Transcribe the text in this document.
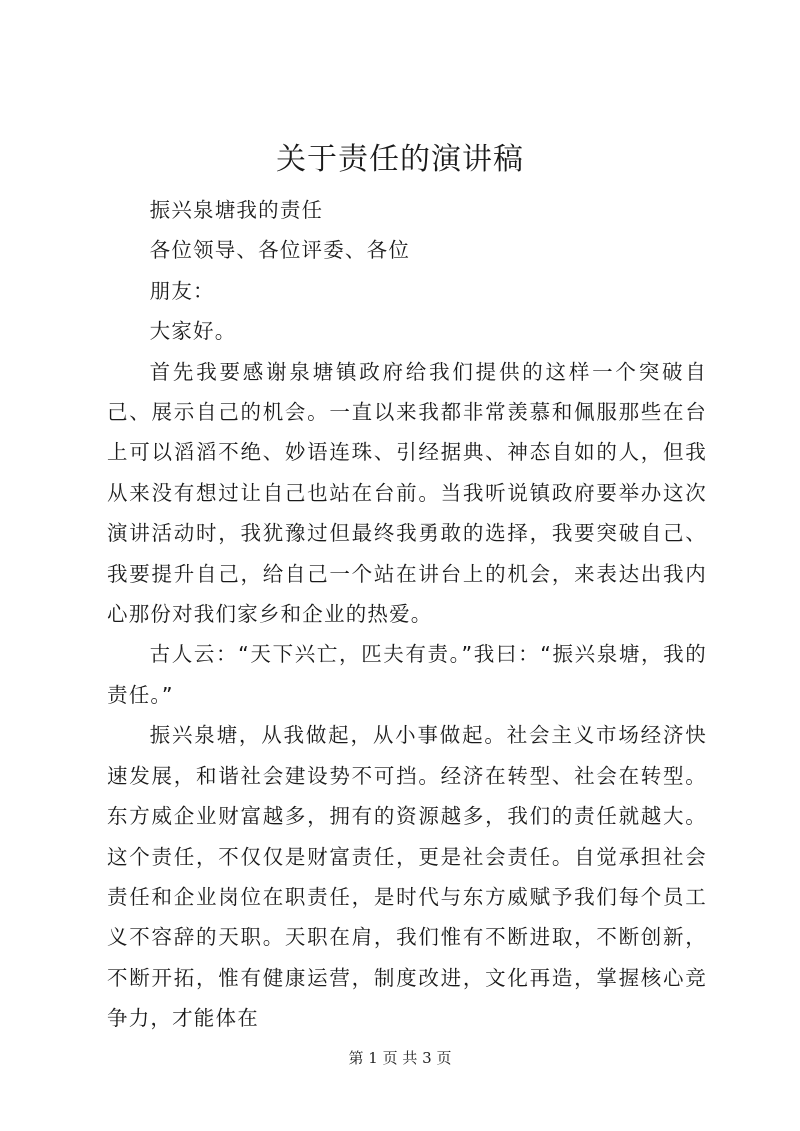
关于责任的演讲稿

振兴泉塘我的责任

各位领导、各位评委、各位

朋友：

大家好。

首先我要感谢泉塘镇政府给我们提供的这样一个突破自己、展示自己的机会。一直以来我都非常羡慕和佩服那些在台上可以滔滔不绝、妙语连珠、引经据典、神态自如的人，但我从来没有想过让自己也站在台前。当我听说镇政府要举办这次演讲活动时，我犹豫过但最终我勇敢的选择，我要突破自己、我要提升自己，给自己一个站在讲台上的机会，来表达出我内心那份对我们家乡和企业的热爱。

古人云：“天下兴亡，匹夫有责。”我曰：“振兴泉塘，我的责任。”

振兴泉塘，从我做起，从小事做起。社会主义市场经济快速发展，和谐社会建设势不可挡。经济在转型、社会在转型。东方威企业财富越多，拥有的资源越多，我们的责任就越大。这个责任，不仅仅是财富责任，更是社会责任。自觉承担社会责任和企业岗位在职责任，是时代与东方威赋予我们每个员工义不容辞的天职。天职在肩，我们惟有不断进取，不断创新，不断开拓，惟有健康运营，制度改进，文化再造，掌握核心竞争力，才能体在

第 1 页 共 3 页
